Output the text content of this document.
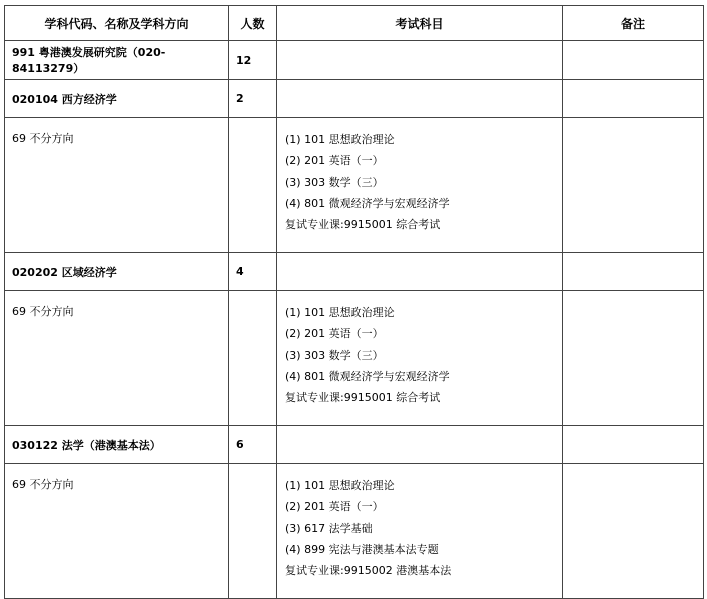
学科代码、名称及学科方向	人数	考试科目	备注
991 粤港澳发展研究院（020-84113279）	12		
020104 西方经济学	2		
69 不分方向		(1) 101 思想政治理论
(2) 201 英语（一）
(3) 303 数学（三）
(4) 801 微观经济学与宏观经济学
复试专业课:9915001 综合考试	

020202 区域经济学	4		
69 不分方向		(1) 101 思想政治理论
(2) 201 英语（一）
(3) 303 数学（三）
(4) 801 微观经济学与宏观经济学
复试专业课:9915001 综合考试	

030122 法学（港澳基本法）	6		
69 不分方向		(1) 101 思想政治理论
(2) 201 英语（一）
(3) 617 法学基础
(4) 899 宪法与港澳基本法专题
复试专业课:9915002 港澳基本法	
